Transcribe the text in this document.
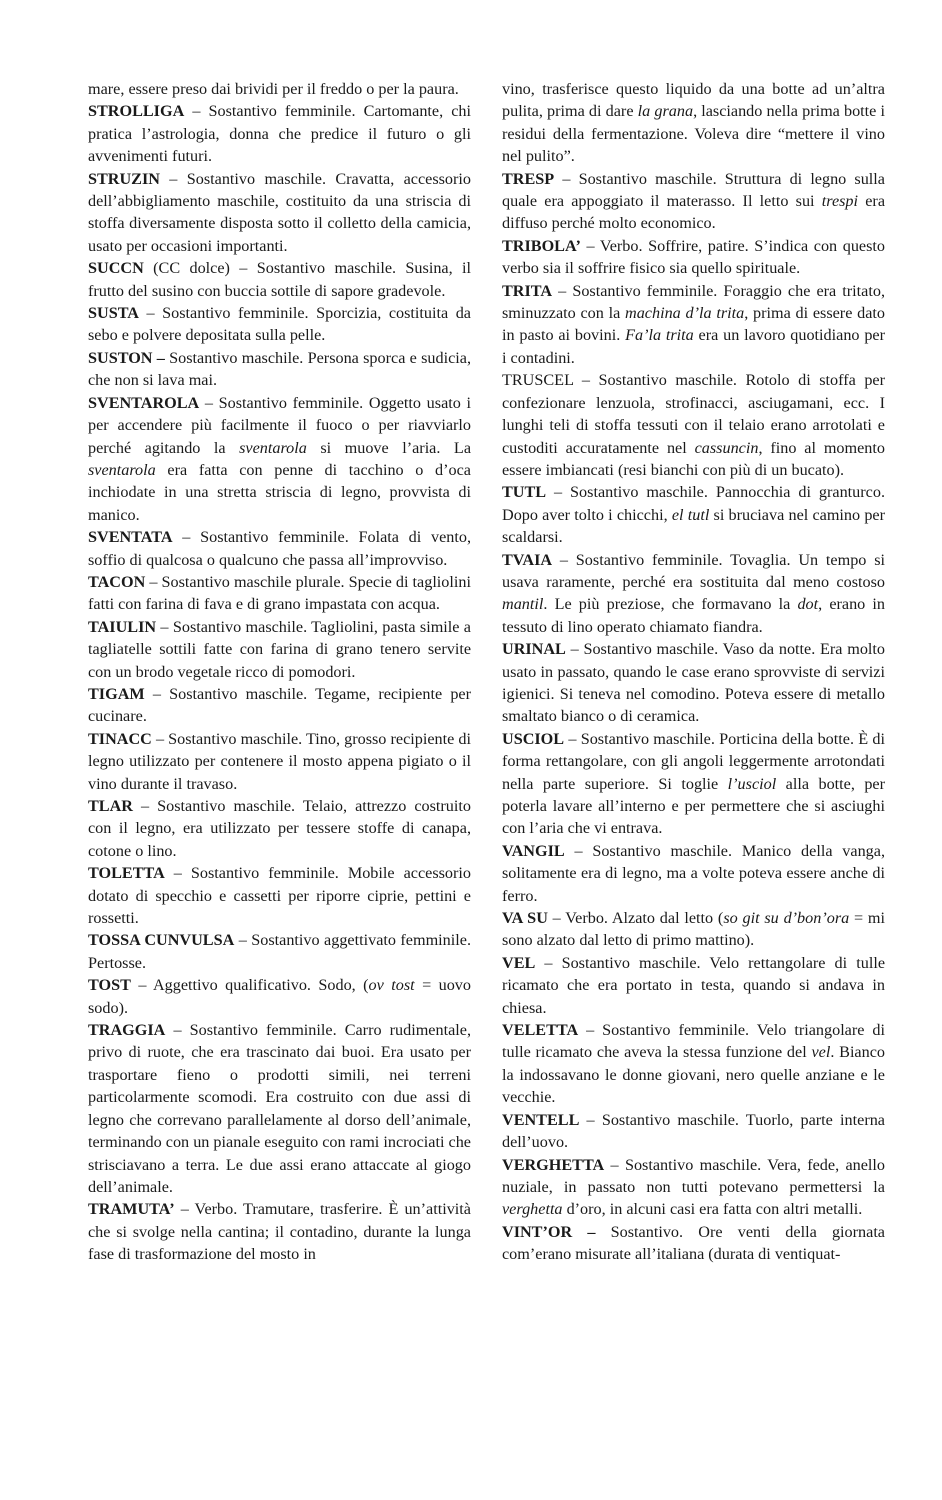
mare, essere preso dai brividi per il freddo o per la paura.

STROLLIGA – Sostantivo femminile. Cartomante, chi pratica l’astrologia, donna che predice il futuro o gli avvenimenti futuri.

STRUZIN – Sostantivo maschile. Cravatta, accessorio dell’abbigliamento maschile, costituito da una striscia di stoffa diversamente disposta sotto il colletto della camicia, usato per occasioni importanti.

SUCCN (CC dolce) – Sostantivo maschile. Susina, il frutto del susino con buccia sottile di sapore gradevole.

SUSTA – Sostantivo femminile. Sporcizia, costituita da sebo e polvere depositata sulla pelle.

SUSTON – Sostantivo maschile. Persona sporca e sudicia, che non si lava mai.

SVENTAROLA – Sostantivo femminile. Oggetto usato i per accendere più facilmente il fuoco o per riavviarlo perché agitando la sventarola si muove l’aria. La sventarola era fatta con penne di tacchino o d’oca inchiodate in una stretta striscia di legno, provvista di manico.

SVENTATA – Sostantivo femminile. Folata di vento, soffio di qualcosa o qualcuno che passa all’improvviso.

TACON – Sostantivo maschile plurale. Specie di tagliolini fatti con farina di fava e di grano impastata con acqua.

TAIULIN – Sostantivo maschile. Tagliolini, pasta simile a tagliatelle sottili fatte con farina di grano tenero servite con un brodo vegetale ricco di pomodori.

TIGAM – Sostantivo maschile. Tegame, recipiente per cucinare.

TINACC – Sostantivo maschile. Tino, grosso recipiente di legno utilizzato per contenere il mosto appena pigiato o il vino durante il travaso.

TLAR – Sostantivo maschile. Telaio, attrezzo costruito con il legno, era utilizzato per tessere stoffe di canapa, cotone o lino.

TOLETTA – Sostantivo femminile. Mobile accessorio dotato di specchio e cassetti per riporre ciprie, pettini e rossetti.

TOSSA CUNVULSA – Sostantivo aggettivato femminile. Pertosse.

TOST – Aggettivo qualificativo. Sodo, (ov tost = uovo sodo).

TRAGGIA – Sostantivo femminile. Carro rudimentale, privo di ruote, che era trascinato dai buoi. Era usato per trasportare fieno o prodotti simili, nei terreni particolarmente scomodi. Era costruito con due assi di legno che correvano parallelamente al dorso dell’animale, terminando con un pianale eseguito con rami incrociati che strisciavano a terra. Le due assi erano attaccate al giogo dell’animale.

TRAMUTA’ – Verbo. Tramutare, trasferire. È un’attività che si svolge nella cantina; il contadino, durante la lunga fase di trasformazione del mosto in

vino, trasferisce questo liquido da una botte ad un’altra pulita, prima di dare la grana, lasciando nella prima botte i residui della fermentazione. Voleva dire “mettere il vino nel pulito”.

TRESP – Sostantivo maschile. Struttura di legno sulla quale era appoggiato il materasso. Il letto sui trespi era diffuso perché molto economico.

TRIBOLA’ – Verbo. Soffrire, patire. S’indica con questo verbo sia il soffrire fisico sia quello spirituale.

TRITA – Sostantivo femminile. Foraggio che era tritato, sminuzzato con la machina d’la trita, prima di essere dato in pasto ai bovini. Fa’la trita era un lavoro quotidiano per i contadini.

TRUSCEL – Sostantivo maschile. Rotolo di stoffa per confezionare lenzuola, strofinacci, asciugamani, ecc. I lunghi teli di stoffa tessuti con il telaio erano arrotolati e custoditi accuratamente nel cassuncin, fino al momento essere imbiancati (resi bianchi con più di un bucato).

TUTL – Sostantivo maschile. Pannocchia di granturco. Dopo aver tolto i chicchi, el tutl si bruciava nel camino per scaldarsi.

TVAIA – Sostantivo femminile. Tovaglia. Un tempo si usava raramente, perché era sostituita dal meno costoso mantil. Le più preziose, che formavano la dot, erano in tessuto di lino operato chiamato fiandra.

URINAL – Sostantivo maschile. Vaso da notte. Era molto usato in passato, quando le case erano sprovviste di servizi igienici. Si teneva nel comodino. Poteva essere di metallo smaltato bianco o di ceramica.

USCIOL – Sostantivo maschile. Porticina della botte. È di forma rettangolare, con gli angoli leggermente arrotondati nella parte superiore. Si toglie l’usciol alla botte, per poterla lavare all’interno e per permettere che si asciughi con l’aria che vi entrava.

VANGIL – Sostantivo maschile. Manico della vanga, solitamente era di legno, ma a volte poteva essere anche di ferro.

VA SU – Verbo. Alzato dal letto (so git su d’bon’ora = mi sono alzato dal letto di primo mattino).

VEL – Sostantivo maschile. Velo rettangolare di tulle ricamato che era portato in testa, quando si andava in chiesa.

VELETTA – Sostantivo femminile. Velo triangolare di tulle ricamato che aveva la stessa funzione del vel. Bianco la indossavano le donne giovani, nero quelle anziane e le vecchie.

VENTELL – Sostantivo maschile. Tuorlo, parte interna dell’uovo.

VERGHETTA – Sostantivo maschile. Vera, fede, anello nuziale, in passato non tutti potevano permettersi la verghetta d’oro, in alcuni casi era fatta con altri metalli.

VINT’OR – Sostantivo. Ore venti della giornata com’erano misurate all’italiana (durata di ventiquat-
